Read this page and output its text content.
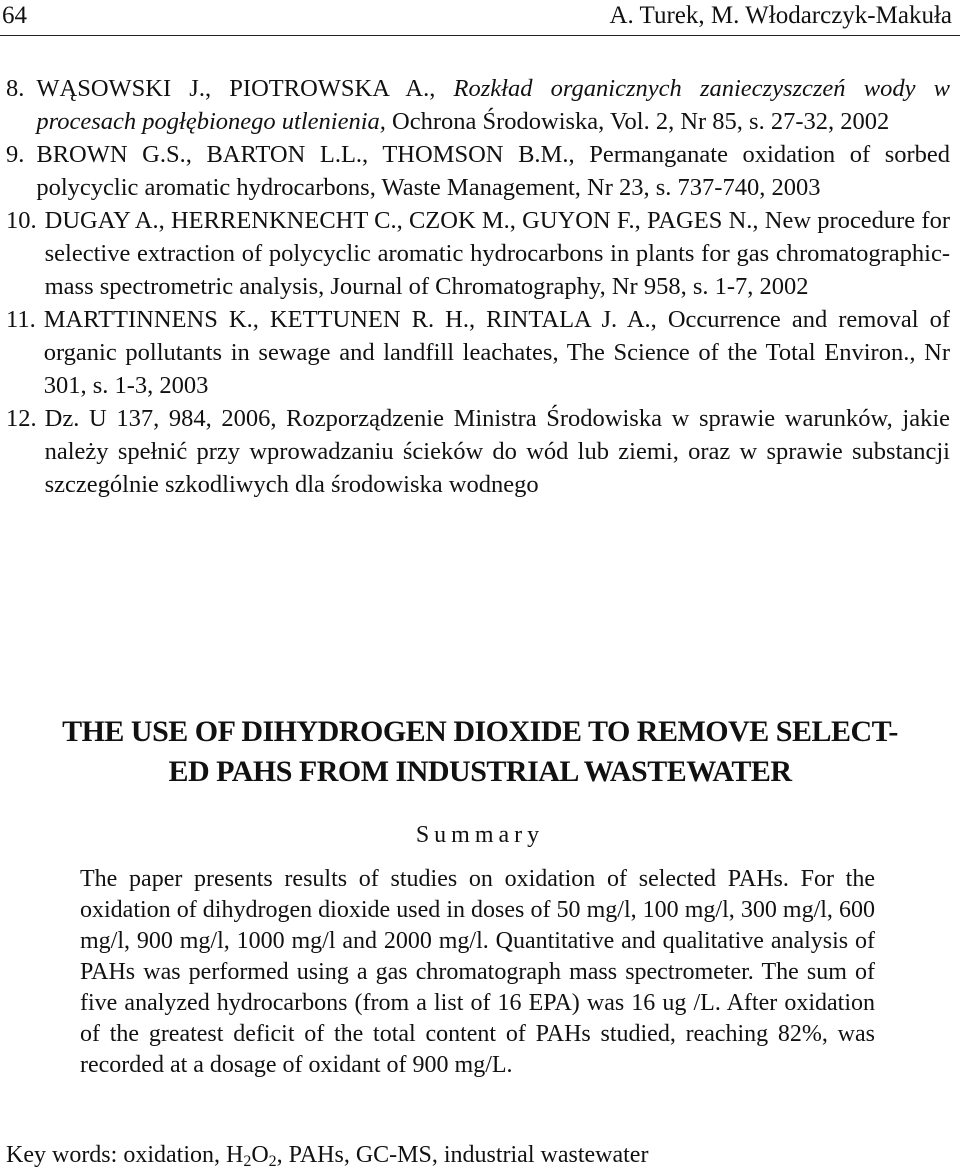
64	A. Turek, M. Włodarczyk-Makuła
8. WĄSOWSKI J., PIOTROWSKA A., Rozkład organicznych zanieczyszczeń wody w procesach pogłębionego utlenienia, Ochrona Środowiska, Vol. 2, Nr 85, s. 27-32, 2002
9. BROWN G.S., BARTON L.L., THOMSON B.M., Permanganate oxidation of sorbed polycyclic aromatic hydrocarbons, Waste Management, Nr 23, s. 737-740, 2003
10. DUGAY A., HERRENKNECHT C., CZOK M., GUYON F., PAGES N., New procedure for selective extraction of polycyclic aromatic hydrocarbons in plants for gas chromatographic-mass spectrometric analysis, Journal of Chromatography, Nr 958, s. 1-7, 2002
11. MARTTINNENS K., KETTUNEN R. H., RINTALA J. A., Occurrence and removal of organic pollutants in sewage and landfill leachates, The Science of the Total Environ., Nr 301, s. 1-3, 2003
12. Dz. U 137, 984, 2006, Rozporządzenie Ministra Środowiska w sprawie warunków, jakie należy spełnić przy wprowadzaniu ścieków do wód lub ziemi, oraz w sprawie substancji szczególnie szkodliwych dla środowiska wodnego
THE USE OF DIHYDROGEN DIOXIDE TO REMOVE SELECT-
ED PAHS FROM INDUSTRIAL WASTEWATER
Summary
The paper presents results of studies on oxidation of selected PAHs. For the oxidation of dihydrogen dioxide used in doses of 50 mg/l, 100 mg/l, 300 mg/l, 600 mg/l, 900 mg/l, 1000 mg/l and 2000 mg/l. Quantitative and qualitative analysis of PAHs was performed using a gas chromatograph mass spectrometer. The sum of five analyzed hydrocarbons (from a list of 16 EPA) was 16 ug /L. After oxidation of the greatest deficit of the total content of PAHs studied, reaching 82%, was recorded at a dosage of oxidant of 900 mg/L.
Key words: oxidation, $H_2O_2$, PAHs, GC-MS, industrial wastewater
